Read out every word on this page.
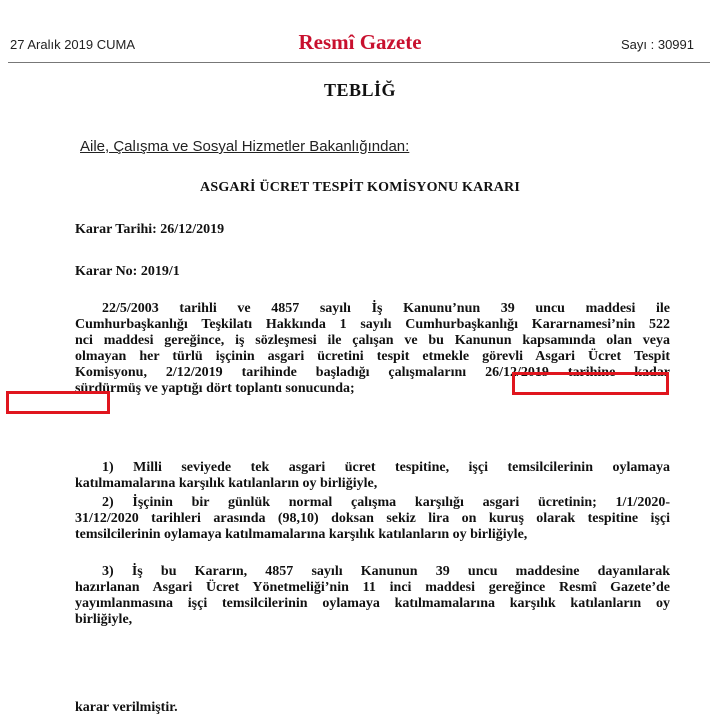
27 Aralık 2019 CUMA	Resmî Gazete	Sayı : 30991
TEBLİĞ
Aile, Çalışma ve Sosyal Hizmetler Bakanlığından:
ASGARİ ÜCRET TESPİT KOMİSYONU KARARI
Karar Tarihi: 26/12/2019
Karar No: 2019/1
22/5/2003 tarihli ve 4857 sayılı İş Kanunu’nun 39 uncu maddesi ile
Cumhurbaşkanlığı Teşkilatı Hakkında 1 sayılı Cumhurbaşkanlığı Kararnamesi’nin 522
nci maddesi gereğince, iş sözleşmesi ile çalışan ve bu Kanunun kapsamında olan veya
olmayan her türlü işçinin asgari ücretini tespit etmekle görevli Asgari Ücret Tespit
Komisyonu, 2/12/2019 tarihinde başladığı çalışmalarını 26/12/2019 tarihine kadar
sürdürmüş ve yaptığı dört toplantı sonucunda;
1) Milli seviyede tek asgari ücret tespitine, işçi temsilcilerinin oylamaya
katılmamalarına karşılık katılanların oy birliğiyle,
2) İşçinin bir günlük normal çalışma karşılığı asgari ücretinin; 1/1/2020-
31/12/2020 tarihleri arasında (98,10) doksan sekiz lira on kuruş olarak tespitine işçi
temsilcilerinin oylamaya katılmamalarına karşılık katılanların oy birliğiyle,
3) İş bu Kararın, 4857 sayılı Kanunun 39 uncu maddesine dayanılarak
hazırlanan Asgari Ücret Yönetmeliği’nin 11 inci maddesi gereğince Resmî Gazete’de
yayımlanmasına işçi temsilcilerinin oylamaya katılmamalarına karşılık katılanların oy
birliğiyle,
karar verilmiştir.
